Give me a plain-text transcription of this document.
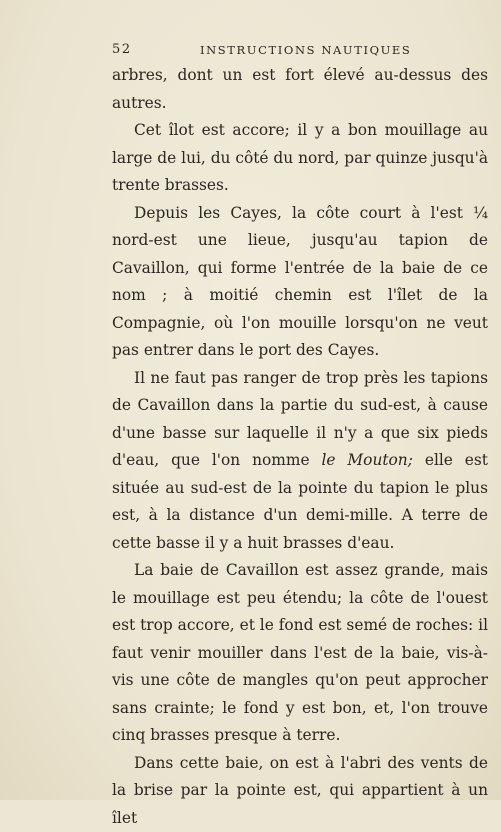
52	INSTRUCTIONS NAUTIQUES

arbres, dont un est fort élevé au-dessus des autres.

Cet îlot est accore; il y a bon mouillage au large de lui, du côté du nord, par quinze jusqu'à trente brasses.

Depuis les Cayes, la côte court à l'est ¼ nord-est une lieue, jusqu'au tapion de Cavaillon, qui forme l'entrée de la baie de ce nom ; à moitié chemin est l'îlet de la Compagnie, où l'on mouille lorsqu'on ne veut pas entrer dans le port des Cayes.

Il ne faut pas ranger de trop près les tapions de Cavaillon dans la partie du sud-est, à cause d'une basse sur laquelle il n'y a que six pieds d'eau, que l'on nomme le Mouton; elle est située au sud-est de la pointe du tapion le plus est, à la distance d'un demi-mille. A terre de cette basse il y a huit brasses d'eau.

La baie de Cavaillon est assez grande, mais le mouillage est peu étendu; la côte de l'ouest est trop accore, et le fond est semé de roches: il faut venir mouiller dans l'est de la baie, vis-à-vis une côte de mangles qu'on peut approcher sans crainte; le fond y est bon, et, l'on trouve cinq brasses presque à terre.

Dans cette baie, on est à l'abri des vents de la brise par la pointe est, qui appartient à un îlet
